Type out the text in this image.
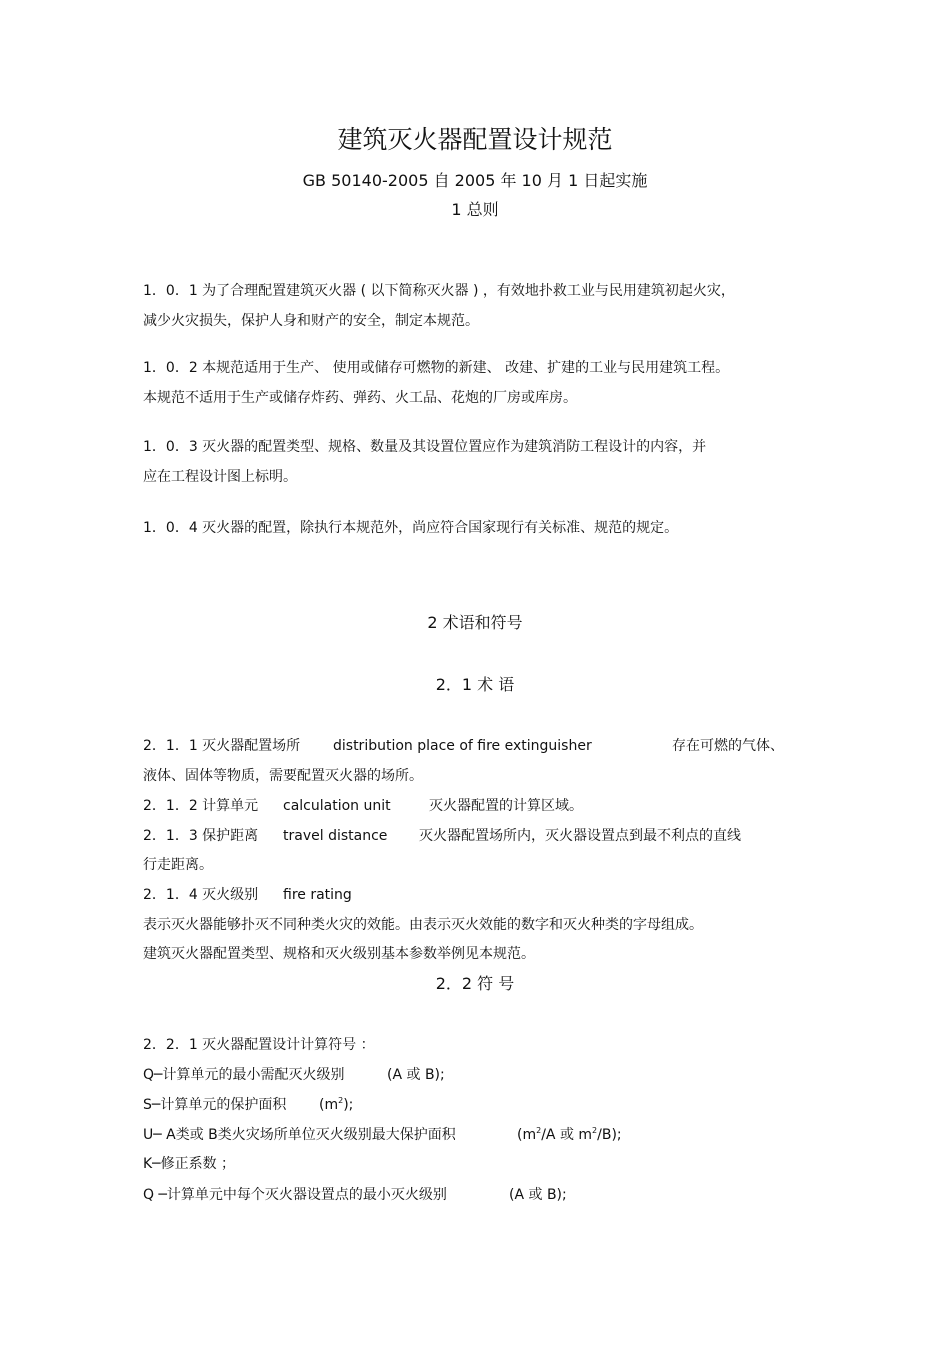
建筑灭火器配置设计规范
GB 50140-2005 自 2005 年 10 月 1 日起实施
1 总则
1．0．1 为了合理配置建筑灭火器 ( 以下简称灭火器 ) ，有效地扑救工业与民用建筑初起火灾，
减少火灾损失，保护人身和财产的安全，制定本规范。
1．0．2 本规范适用于生产、 使用或储存可燃物的新建、 改建、扩建的工业与民用建筑工程。
本规范不适用于生产或储存炸药、弹药、火工品、花炮的厂房或库房。
1．0．3 灭火器的配置类型、规格、数量及其设置位置应作为建筑消防工程设计的内容，并
应在工程设计图上标明。
1．0．4 灭火器的配置，除执行本规范外，尚应符合国家现行有关标准、规范的规定。
2 术语和符号
2．1 术 语
2．1．1 灭火器配置场所 distribution place of fire extinguisher	存在可燃的气体、
液体、固体等物质，需要配置灭火器的场所。
2．1．2 计算单元 calculation unit	灭火器配置的计算区域。
2．1．3 保护距离 travel distance 灭火器配置场所内，灭火器设置点到最不利点的直线
行走距离。
2．1．4 灭火级别 fire rating
表示灭火器能够扑灭不同种类火灾的效能。由表示灭火效能的数字和灭火种类的字母组成。
建筑灭火器配置类型、规格和灭火级别基本参数举例见本规范。
2．2 符 号
2．2．1 灭火器配置设计计算符号 ：
Q─计算单元的最小需配灭火级别	(A 或 B);
S─计算单元的保护面积 $(m^2)$;
U─ A类或 B类火灾场所单位灭火级别最大保护面积	($m^2/A$ 或 $m^2/B$);
K─修正系数 ；
Q ─计算单元中每个灭火器设置点的最小灭火级别	(A 或 B);
